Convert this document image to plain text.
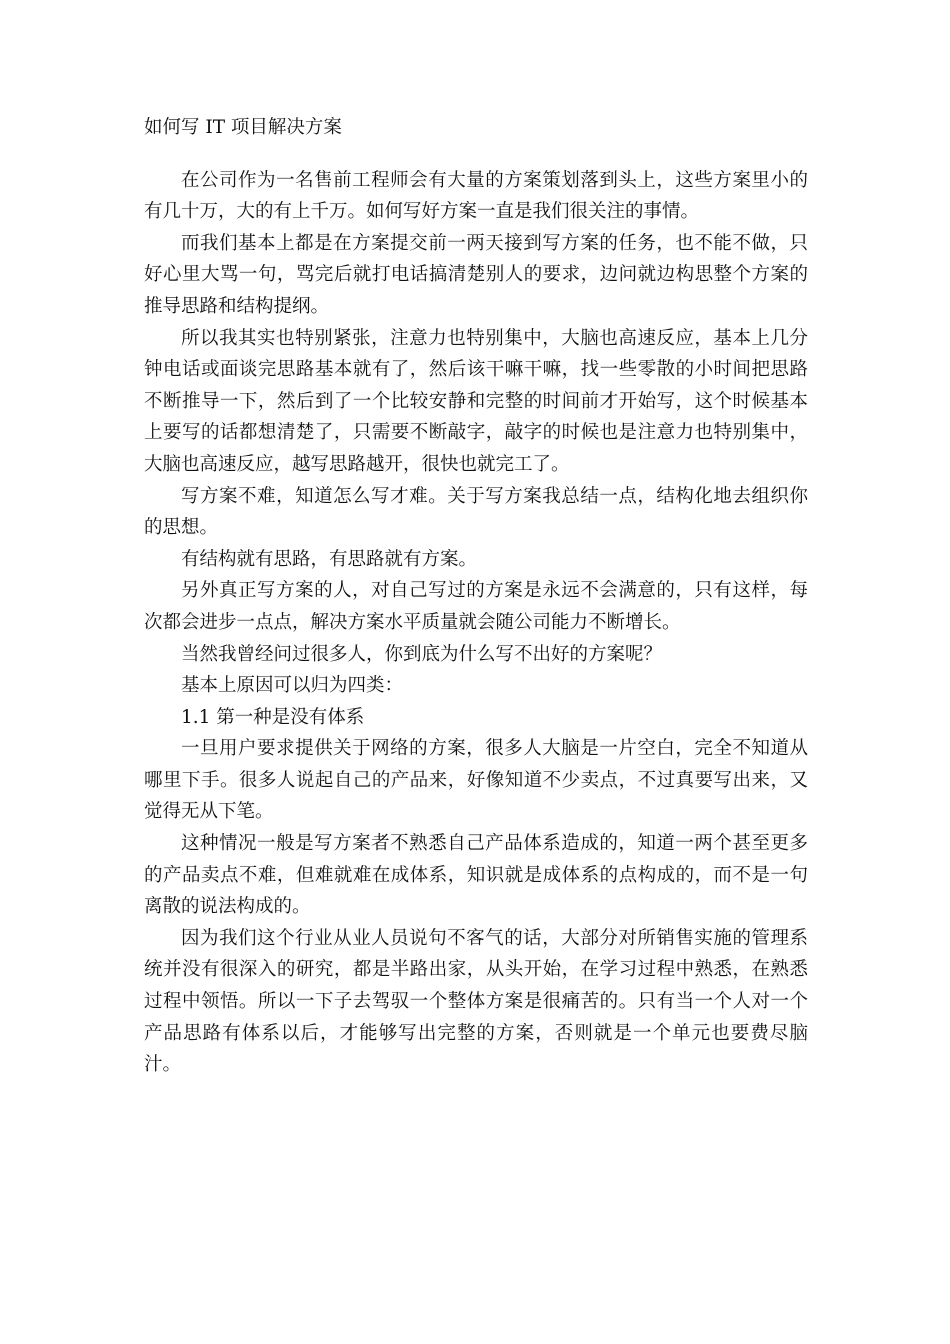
如何写 IT 项目解决方案

在公司作为一名售前工程师会有大量的方案策划落到头上，这些方案里小的有几十万，大的有上千万。如何写好方案一直是我们很关注的事情。

而我们基本上都是在方案提交前一两天接到写方案的任务，也不能不做，只好心里大骂一句，骂完后就打电话搞清楚别人的要求，边问就边构思整个方案的推导思路和结构提纲。

所以我其实也特别紧张，注意力也特别集中，大脑也高速反应，基本上几分钟电话或面谈完思路基本就有了，然后该干嘛干嘛，找一些零散的小时间把思路不断推导一下，然后到了一个比较安静和完整的时间前才开始写，这个时候基本上要写的话都想清楚了，只需要不断敲字，敲字的时候也是注意力也特别集中，大脑也高速反应，越写思路越开，很快也就完工了。

写方案不难，知道怎么写才难。关于写方案我总结一点，结构化地去组织你的思想。

有结构就有思路，有思路就有方案。

另外真正写方案的人，对自己写过的方案是永远不会满意的，只有这样，每次都会进步一点点，解决方案水平质量就会随公司能力不断增长。

当然我曾经问过很多人，你到底为什么写不出好的方案呢？

基本上原因可以归为四类：

1.1 第一种是没有体系

一旦用户要求提供关于网络的方案，很多人大脑是一片空白，完全不知道从哪里下手。很多人说起自己的产品来，好像知道不少卖点，不过真要写出来，又觉得无从下笔。

这种情况一般是写方案者不熟悉自己产品体系造成的，知道一两个甚至更多的产品卖点不难，但难就难在成体系，知识就是成体系的点构成的，而不是一句离散的说法构成的。

因为我们这个行业从业人员说句不客气的话，大部分对所销售实施的管理系统并没有很深入的研究，都是半路出家，从头开始，在学习过程中熟悉，在熟悉过程中领悟。所以一下子去驾驭一个整体方案是很痛苦的。只有当一个人对一个产品思路有体系以后，才能够写出完整的方案，否则就是一个单元也要费尽脑汁。
